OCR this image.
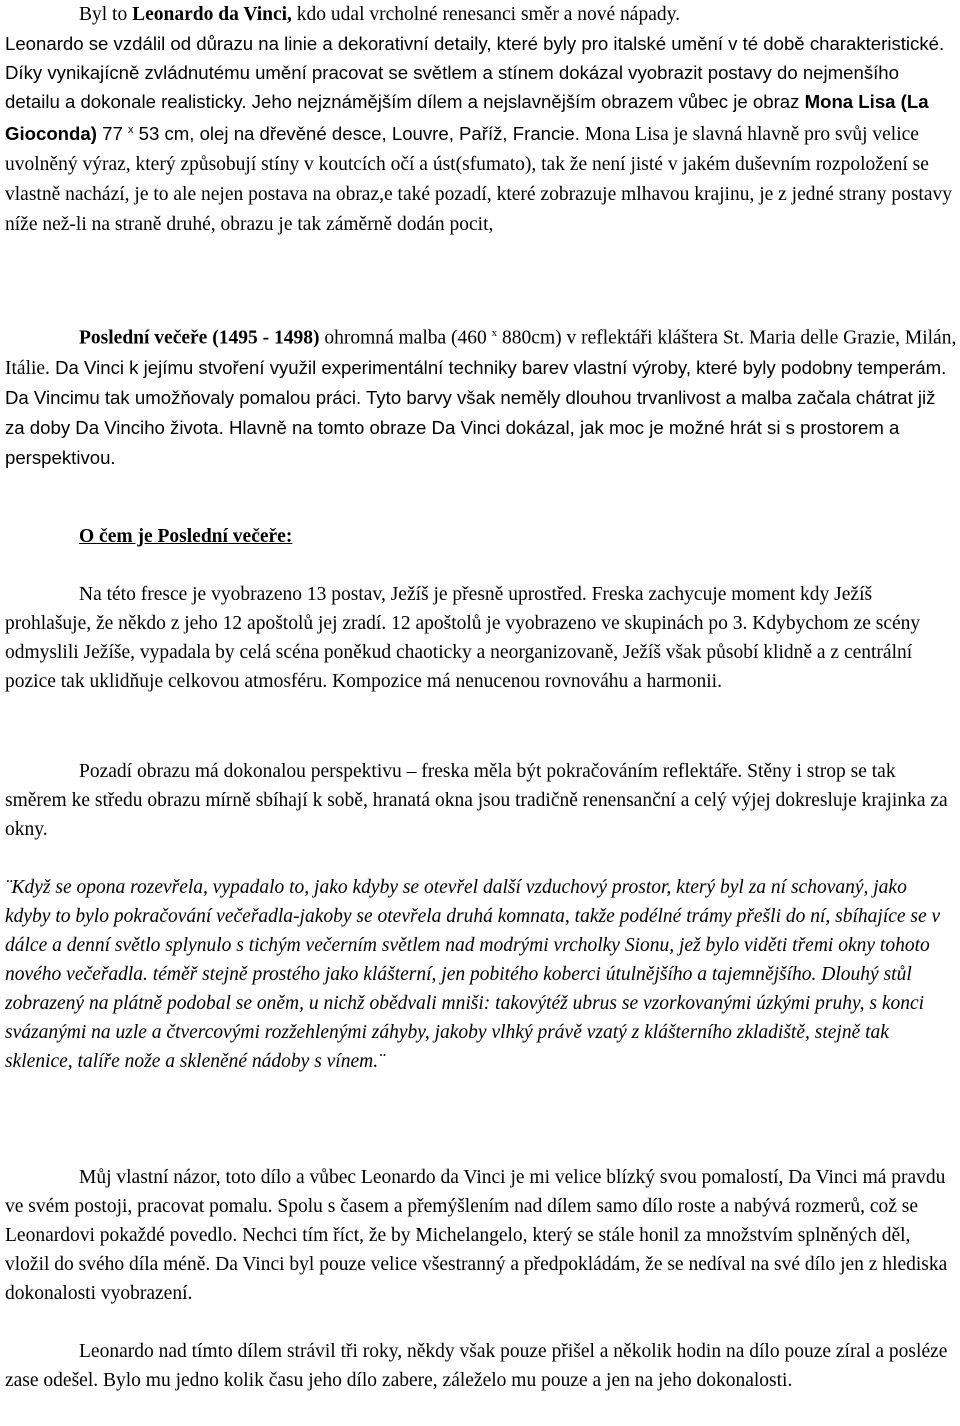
Byl to Leonardo da Vinci, kdo udal vrcholné renesanci směr a nové nápady.

Leonardo se vzdálil od důrazu na linie a dekorativní detaily, které byly pro italské umění v té době charakteristické. Díky vynikajícně zvládnutému umění pracovat se světlem a stínem dokázal vyobrazit postavy do nejmenšího detailu a dokonale realisticky. Jeho nejznámějším dílem a nejslavnějším obrazem vůbec je obraz Mona Lisa (La Gioconda) 77 $^x$ 53 cm, olej na dřevěné desce, Louvre, Paříž, Francie. Mona Lisa je slavná hlavně pro svůj velice uvolněný výraz, který způsobují stíny v koutcích očí a úst(sfumato), tak že není jisté v jakém duševním rozpoložení se vlastně nachází, je to ale nejen postava na obraz,e také pozadí, které zobrazuje mlhavou krajinu, je z jedné strany postavy níže než-li na straně druhé, obrazu je tak záměrně dodán pocit,

Poslední večeře (1495 - 1498) ohromná malba (460 $^x$ 880cm) v reflektáři kláštera St. Maria delle Grazie, Milán, Itálie. Da Vinci k jejímu stvoření využil experimentální techniky barev vlastní výroby, které byly podobny temperám. Da Vincimu tak umožňovaly pomalou práci. Tyto barvy však neměly dlouhou trvanlivost a malba začala chátrat již za doby Da Vinciho života. Hlavně na tomto obraze Da Vinci dokázal, jak moc je možné hrát si s prostorem a perspektivou.

O čem je Poslední večeře:

Na této fresce je vyobrazeno 13 postav, Ježíš je přesně uprostřed. Freska zachycuje moment kdy Ježíš prohlašuje, že někdo z jeho 12 apoštolů jej zradí. 12 apoštolů je vyobrazeno ve skupinách po 3. Kdybychom ze scény odmyslili Ježíše, vypadala by celá scéna poněkud chaoticky a neorganizovaně, Ježíš však působí klidně a z centrální pozice tak uklidňuje celkovou atmosféru. Kompozice má nenucenou rovnováhu a harmonii.

Pozadí obrazu má dokonalou perspektivu – freska měla být pokračováním reflektáře. Stěny i strop se tak směrem ke středu obrazu mírně sbíhají k sobě, hranatá okna jsou tradičně renensanční a celý výjej dokresluje krajinka za okny.

¨Když se opona rozevřela, vypadalo to, jako kdyby se otevřel další vzduchový prostor, který byl za ní schovaný, jako kdyby to bylo pokračování večeřadla-jakoby se otevřela druhá komnata, takže podélné trámy přešli do ní, sbíhajíce se v dálce a denní světlo splynulo s tichým večerním světlem nad modrými vrcholky Sionu, jež bylo viděti třemi okny tohoto nového večeřadla. téměř stejně prostého jako klášterní, jen pobitého koberci útulnějšího a tajemnějšího. Dlouhý stůl zobrazený na plátně podobal se oněm, u nichž obědvali mniši: takovýtéž ubrus se vzorkovanými úzkými pruhy, s konci svázanými na uzle a čtvercovými rozžehlenými záhyby, jakoby vlhký právě vzatý z klášterního zkladiště, stejně tak sklenice, talíře nože a skleněné nádoby s vínem.¨

Můj vlastní názor, toto dílo a vůbec Leonardo da Vinci je mi velice blízký svou pomalostí, Da Vinci má pravdu ve svém postoji, pracovat pomalu. Spolu s časem a přemýšlením nad dílem samo dílo roste a nabývá rozmerů, což se Leonardovi pokaždé povedlo. Nechci tím říct, že by Michelangelo, který se stále honil za množstvím splněných děl, vložil do svého díla méně. Da Vinci byl pouze velice všestranný a předpokládám, že se nedíval na své dílo jen z hlediska dokonalosti vyobrazení.

Leonardo nad tímto dílem strávil tři roky, někdy však pouze přišel a několik hodin na dílo pouze zíral a posléze zase odešel. Bylo mu jedno kolik času jeho dílo zabere, záleželo mu pouze a jen na jeho dokonalosti.
